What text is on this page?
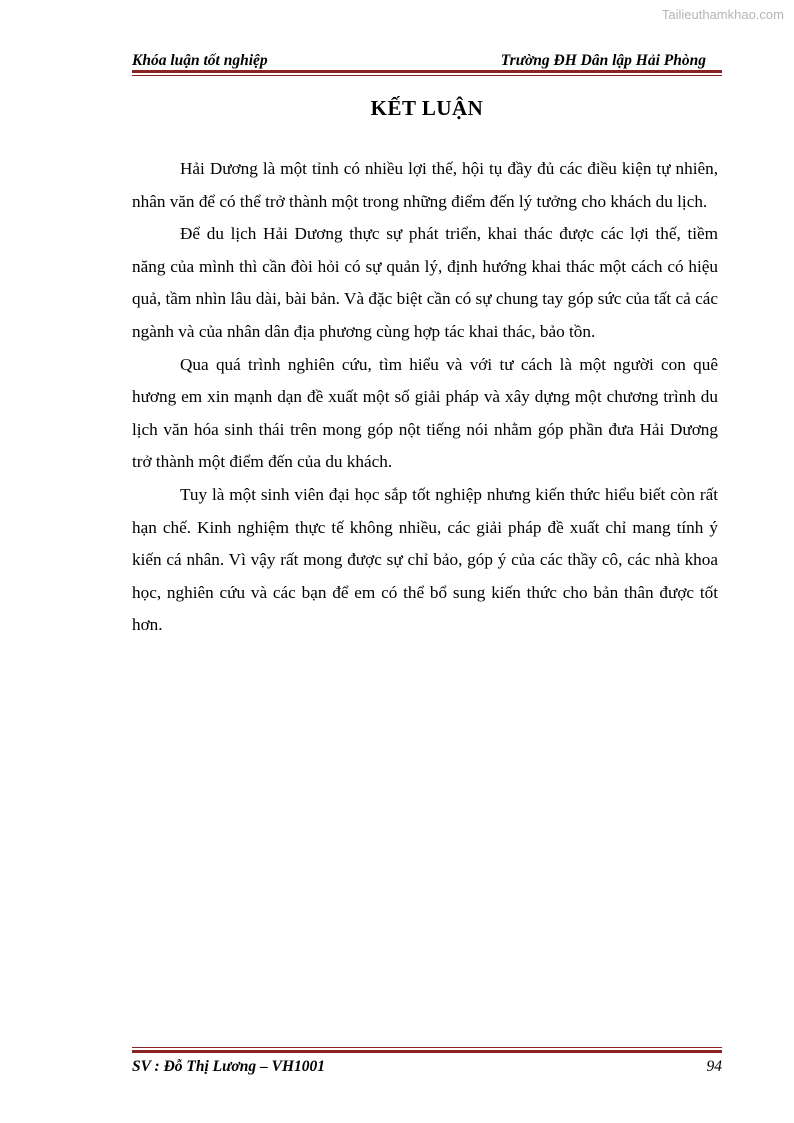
Tailieuthamkhao.com
Khóa luận tốt nghiệp	Trường ĐH Dân lập Hải Phòng
KẾT LUẬN

Hải Dương là một tỉnh có nhiều lợi thế, hội tụ đầy đủ các điều kiện tự nhiên, nhân văn để có thể trở thành một trong những điểm đến lý tưởng cho khách du lịch.

Để du lịch Hải Dương thực sự phát triển, khai thác được các lợi thế, tiềm năng của mình thì cần đòi hỏi có sự quản lý, định hướng khai thác một cách có hiệu quả, tầm nhìn lâu dài, bài bản. Và đặc biệt cần có sự chung tay góp sức của tất cả các ngành và của nhân dân địa phương cùng hợp tác khai thác, bảo tồn.

Qua quá trình nghiên cứu, tìm hiểu và với tư cách là một người con quê hương em xin mạnh dạn đề xuất một số giải pháp và xây dựng một chương trình du lịch văn hóa sinh thái trên mong góp nột tiếng nói nhằm góp phần đưa Hải Dương trở thành một điểm đến của du khách.

Tuy là một sinh viên đại học sắp tốt nghiệp nhưng kiến thức hiểu biết còn rất hạn chế. Kinh nghiệm thực tế không nhiều, các giải pháp đề xuất chỉ mang tính ý kiến cá nhân. Vì vậy rất mong được sự chỉ bảo, góp ý của các thầy cô, các nhà khoa học, nghiên cứu và các bạn để em có thể bổ sung kiến thức cho bản thân được tốt hơn.

SV : Đỗ Thị Lương – VH1001	94
